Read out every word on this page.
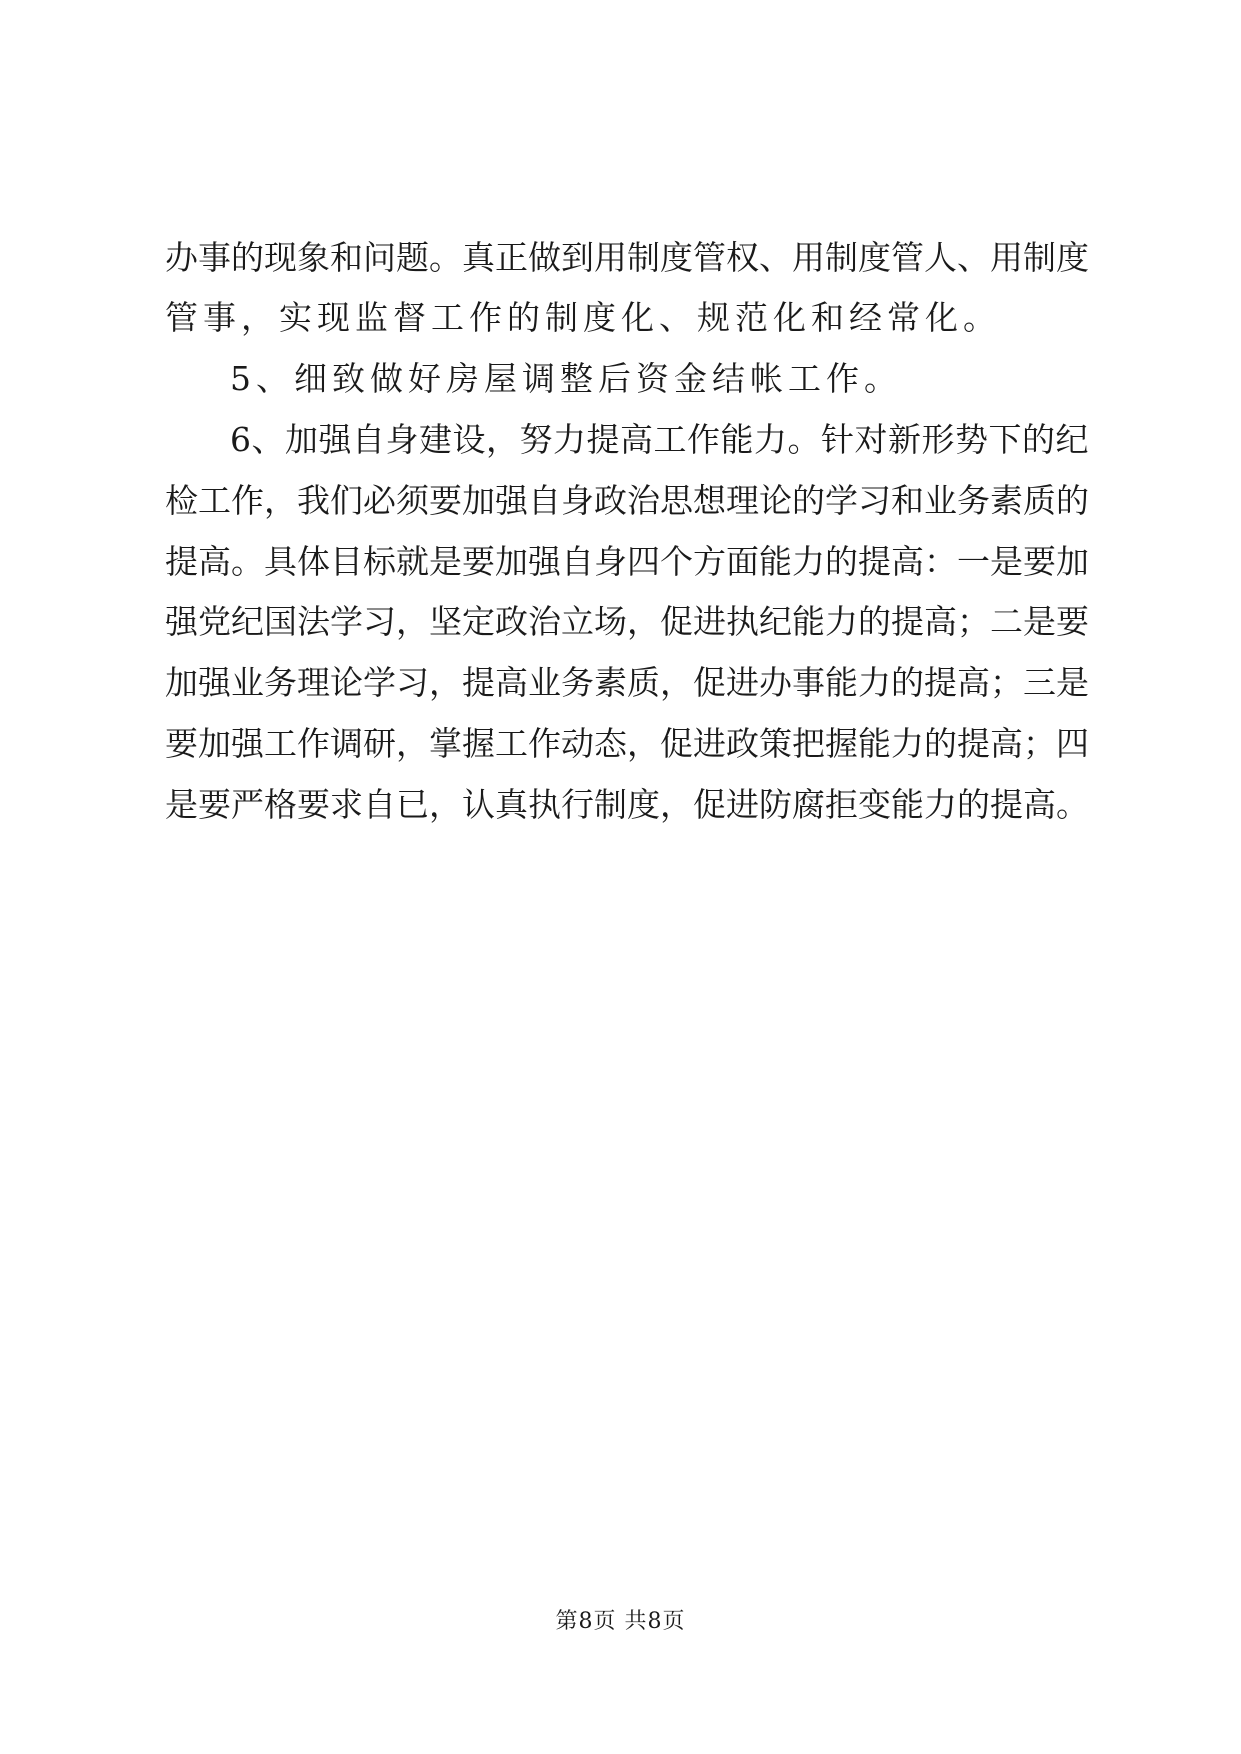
办事的现象和问题。真正做到用制度管权、用制度管人、用制度
管事，实现监督工作的制度化、规范化和经常化。
5、细致做好房屋调整后资金结帐工作。
6、加强自身建设，努力提高工作能力。针对新形势下的纪
检工作，我们必须要加强自身政治思想理论的学习和业务素质的
提高。具体目标就是要加强自身四个方面能力的提高：一是要加
强党纪国法学习，坚定政治立场，促进执纪能力的提高；二是要
加强业务理论学习，提高业务素质，促进办事能力的提高；三是
要加强工作调研，掌握工作动态，促进政策把握能力的提高；四
是要严格要求自已，认真执行制度，促进防腐拒变能力的提高。
第8页 共8页
